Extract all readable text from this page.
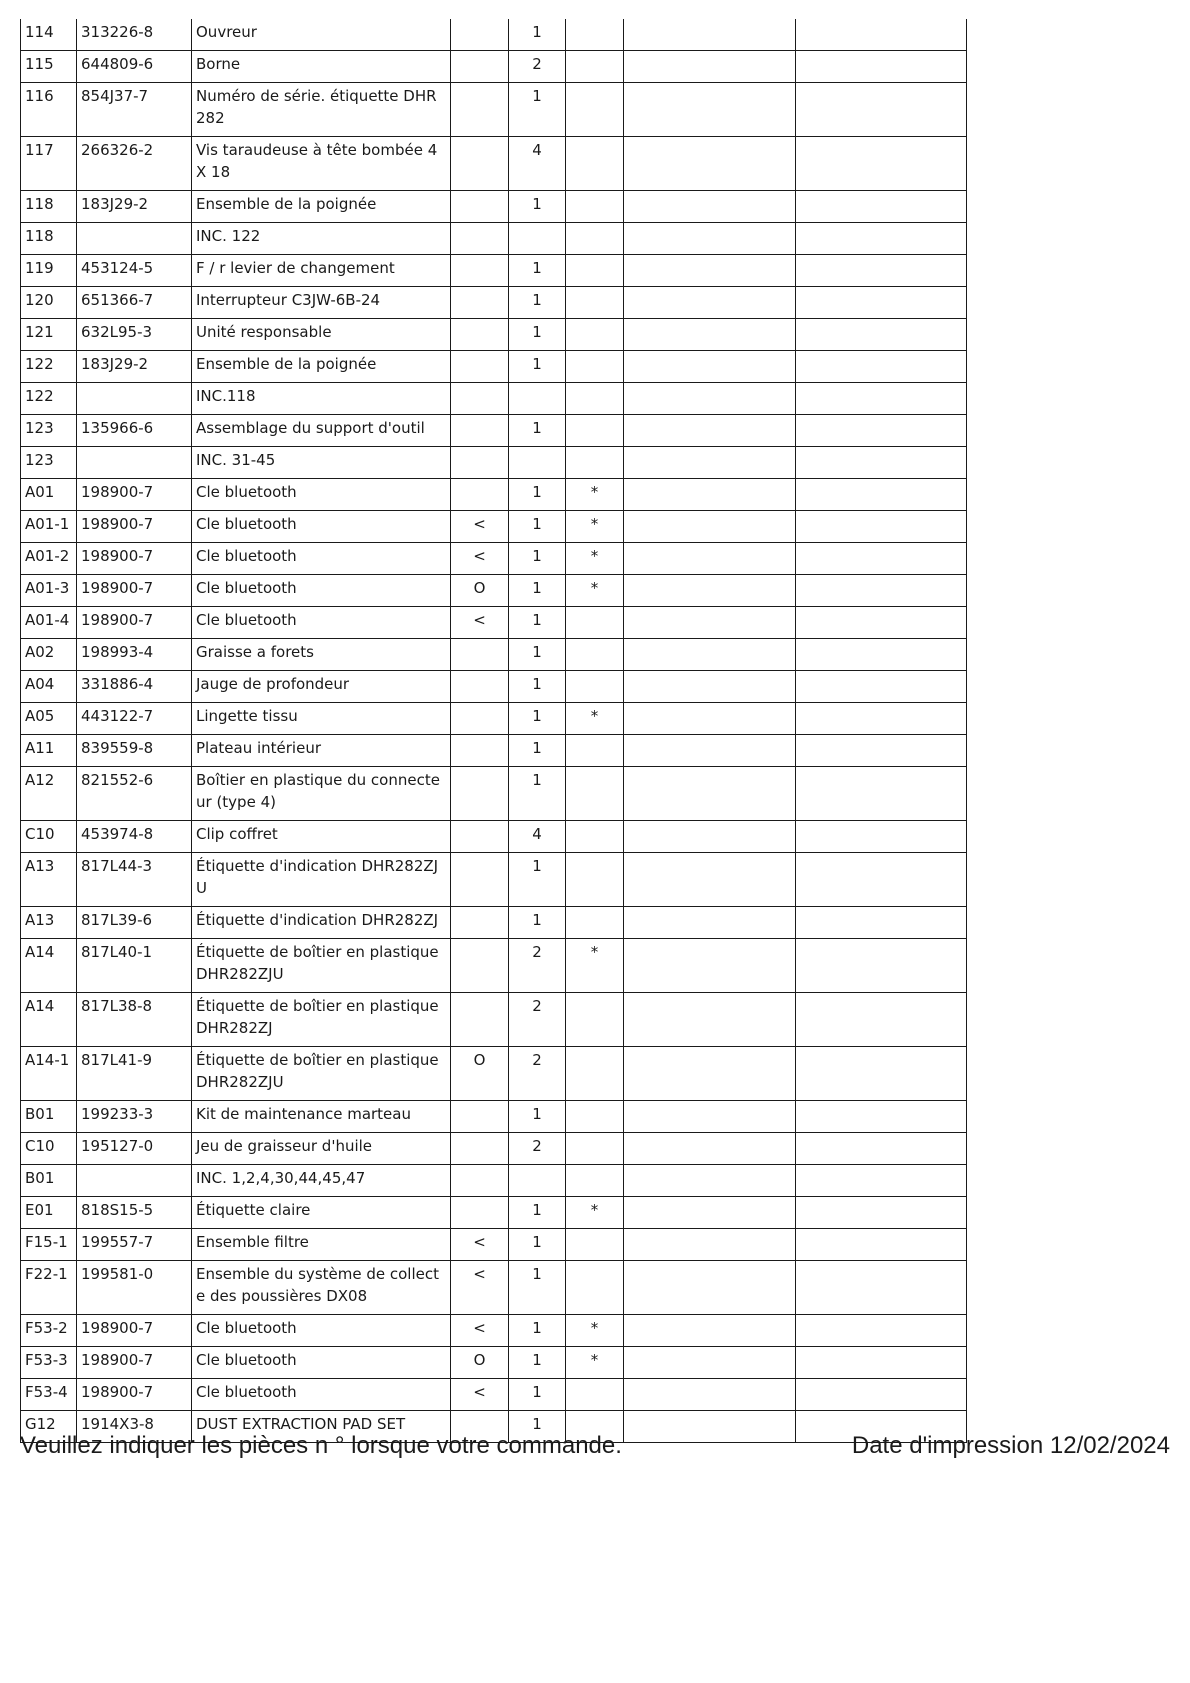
114	313226-8	Ouvreur		1			
115	644809-6	Borne		2			
116	854J37-7	Numéro de série. étiquette DHR 282		1			
117	266326-2	Vis taraudeuse à tête bombée 4X 18		4			
118	183J29-2	Ensemble de la poignée		1			
118		INC. 122					
119	453124-5	F / r levier de changement		1			
120	651366-7	Interrupteur C3JW-6B-24		1			
121	632L95-3	Unité responsable		1			
122	183J29-2	Ensemble de la poignée		1			
122		INC.118					
123	135966-6	Assemblage du support d'outil		1			
123		INC. 31-45					
A01	198900-7	Cle bluetooth		1	*		
A01-1	198900-7	Cle bluetooth	<	1	*		
A01-2	198900-7	Cle bluetooth	<	1	*		
A01-3	198900-7	Cle bluetooth	O	1	*		
A01-4	198900-7	Cle bluetooth	<	1			
A02	198993-4	Graisse a forets		1			
A04	331886-4	Jauge de profondeur		1			
A05	443122-7	Lingette tissu		1	*		
A11	839559-8	Plateau intérieur		1			
A12	821552-6	Boîtier en plastique du connecte ur (type 4)		1			
C10	453974-8	Clip coffret		4			
A13	817L44-3	Étiquette d'indication DHR282ZJ U		1			
A13	817L39-6	Étiquette d'indication DHR282ZJ		1			
A14	817L40-1	Étiquette de boîtier en plastique DHR282ZJU		2	*		
A14	817L38-8	Étiquette de boîtier en plastique DHR282ZJ		2			
A14-1	817L41-9	Étiquette de boîtier en plastique DHR282ZJU	O	2			
B01	199233-3	Kit de maintenance marteau		1			
C10	195127-0	Jeu de graisseur d'huile		2			
B01		INC. 1,2,4,30,44,45,47					
E01	818S15-5	Étiquette claire		1	*		
F15-1	199557-7	Ensemble filtre	<	1			
F22-1	199581-0	Ensemble du système de collecte des poussières DX08	<	1			
F53-2	198900-7	Cle bluetooth	<	1	*		
F53-3	198900-7	Cle bluetooth	O	1	*		
F53-4	198900-7	Cle bluetooth	<	1			
G12	1914X3-8	DUST EXTRACTION PAD SET		1			
Veuillez indiquer les pièces n ° lorsque votre commande.	Date d'impression 12/02/2024
